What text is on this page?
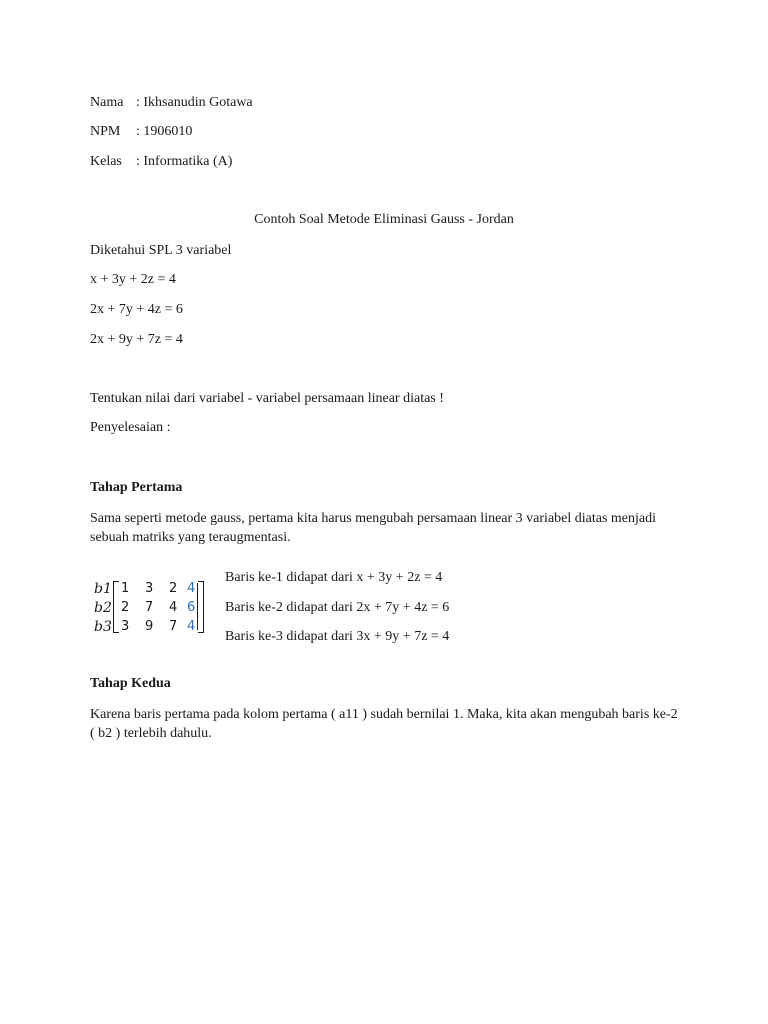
Nama : Ikhsanudin Gotawa
NPM : 1906010
Kelas : Informatika (A)
Contoh Soal Metode Eliminasi Gauss - Jordan
Diketahui SPL 3 variabel
x + 3y + 2z = 4
2x + 7y + 4z = 6
2x + 9y + 7z = 4
Tentukan nilai dari variabel - variabel persamaan linear diatas !
Penyelesaian :
Tahap Pertama
Sama seperti metode gauss, pertama kita harus mengubah persamaan linear 3 variabel diatas menjadi sebuah matriks yang teraugmentasi.
b1
b2
b3
1 3 2 4
2 7 4 6
3 9 7 4
Baris ke-1 didapat dari x + 3y + 2z = 4
Baris ke-2 didapat dari 2x + 7y + 4z = 6
Baris ke-3 didapat dari 3x + 9y + 7z = 4
Tahap Kedua
Karena baris pertama pada kolom pertama ( a11 ) sudah bernilai 1. Maka, kita akan mengubah baris ke-2 ( b2 ) terlebih dahulu.
